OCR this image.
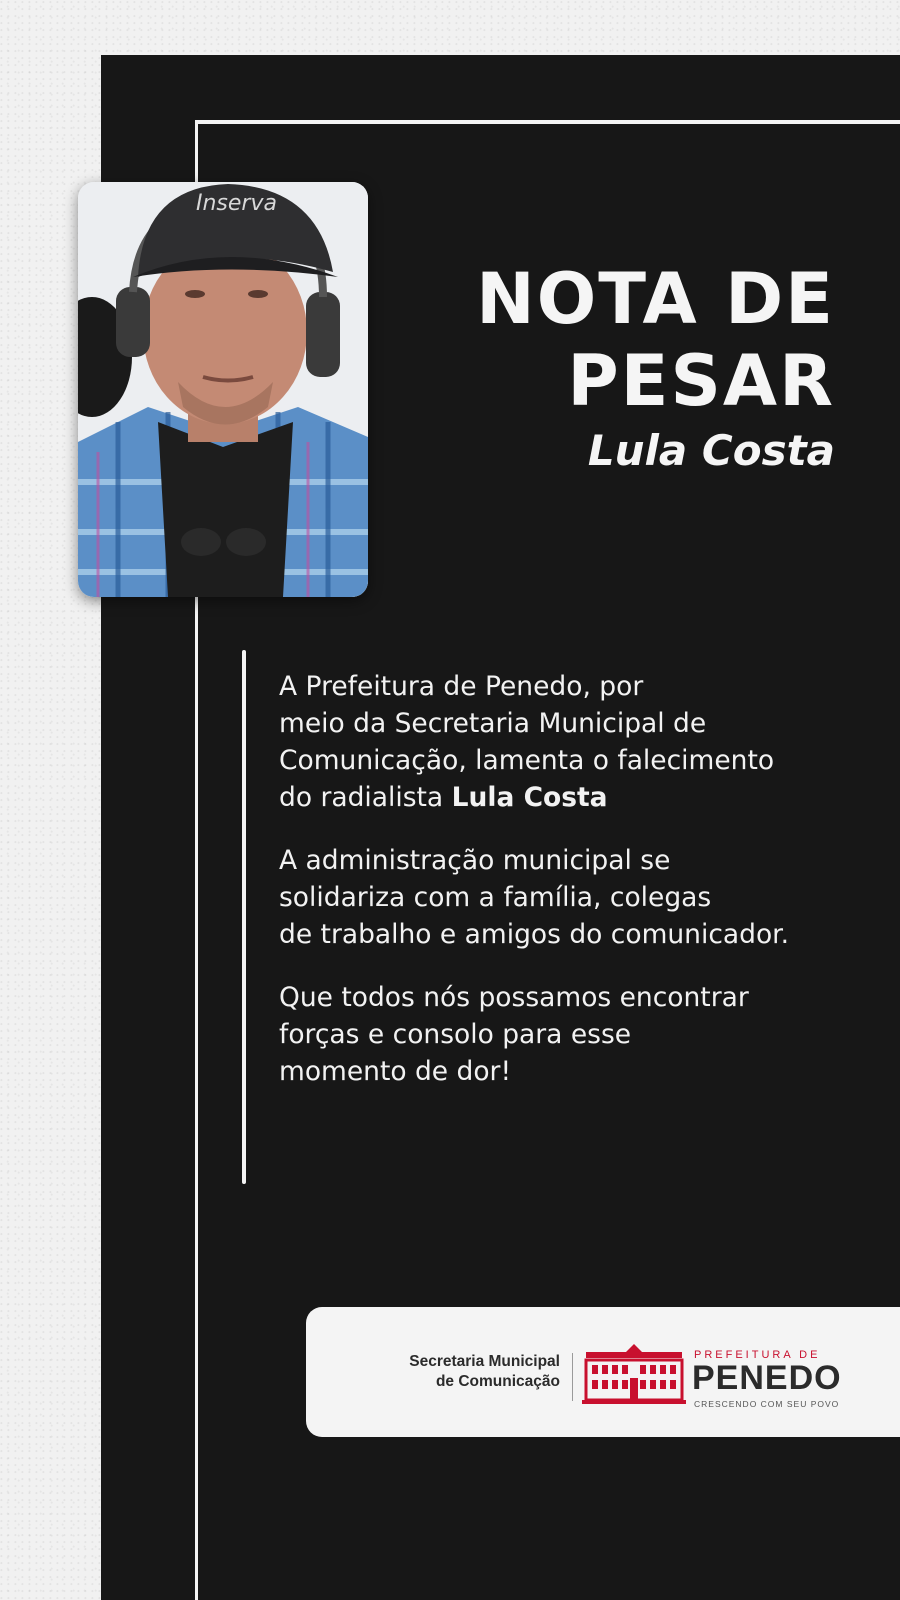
Inserva
NOTA DE
PESAR
Lula Costa

A Prefeitura de Penedo, por
meio da Secretaria Municipal de
Comunicação, lamenta o falecimento
do radialista Lula Costa

A administração municipal se
solidariza com a família, colegas
de trabalho e amigos do comunicador.

Que todos nós possamos encontrar
forças e consolo para esse
momento de dor!

Secretaria Municipal
de Comunicação
PREFEITURA DE
PENEDO
CRESCENDO COM SEU POVO
